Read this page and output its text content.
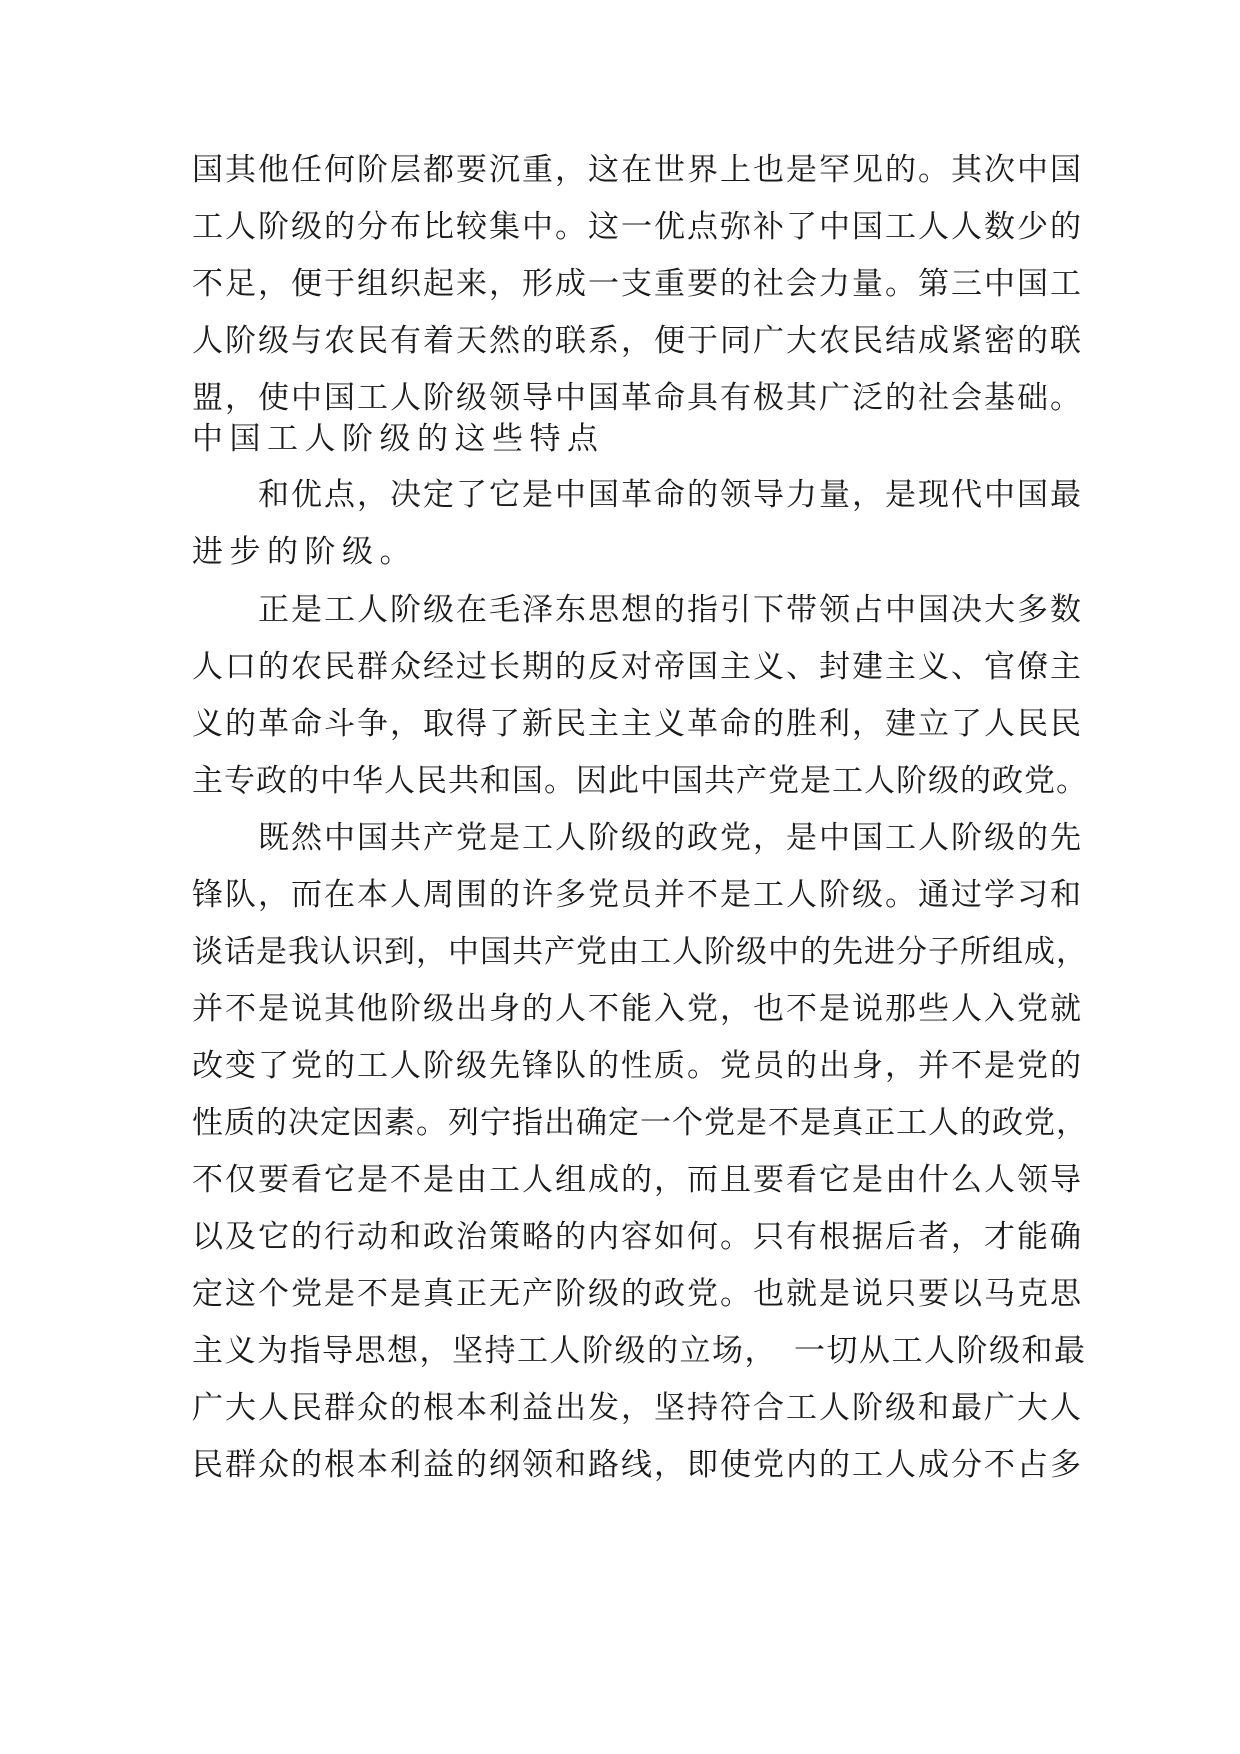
国其他任何阶层都要沉重，这在世界上也是罕见的。其次中国
工人阶级的分布比较集中。这一优点弥补了中国工人人数少的
不足，便于组织起来，形成一支重要的社会力量。第三中国工
人阶级与农民有着天然的联系，便于同广大农民结成紧密的联
盟，使中国工人阶级领导中国革命具有极其广泛的社会基础。
中国工人阶级的这些特点
和优点，决定了它是中国革命的领导力量，是现代中国最
进步的阶级。
正是工人阶级在毛泽东思想的指引下带领占中国决大多数
人口的农民群众经过长期的反对帝国主义、封建主义、官僚主
义的革命斗争，取得了新民主主义革命的胜利，建立了人民民
主专政的中华人民共和国。因此中国共产党是工人阶级的政党。
既然中国共产党是工人阶级的政党，是中国工人阶级的先
锋队，而在本人周围的许多党员并不是工人阶级。通过学习和
谈话是我认识到，中国共产党由工人阶级中的先进分子所组成，
并不是说其他阶级出身的人不能入党，也不是说那些人入党就
改变了党的工人阶级先锋队的性质。党员的出身，并不是党的
性质的决定因素。列宁指出确定一个党是不是真正工人的政党，
不仅要看它是不是由工人组成的，而且要看它是由什么人领导
以及它的行动和政治策略的内容如何。只有根据后者，才能确
定这个党是不是真正无产阶级的政党。也就是说只要以马克思
主义为指导思想，坚持工人阶级的立场，　一切从工人阶级和最
广大人民群众的根本利益出发，坚持符合工人阶级和最广大人
民群众的根本利益的纲领和路线，即使党内的工人成分不占多
